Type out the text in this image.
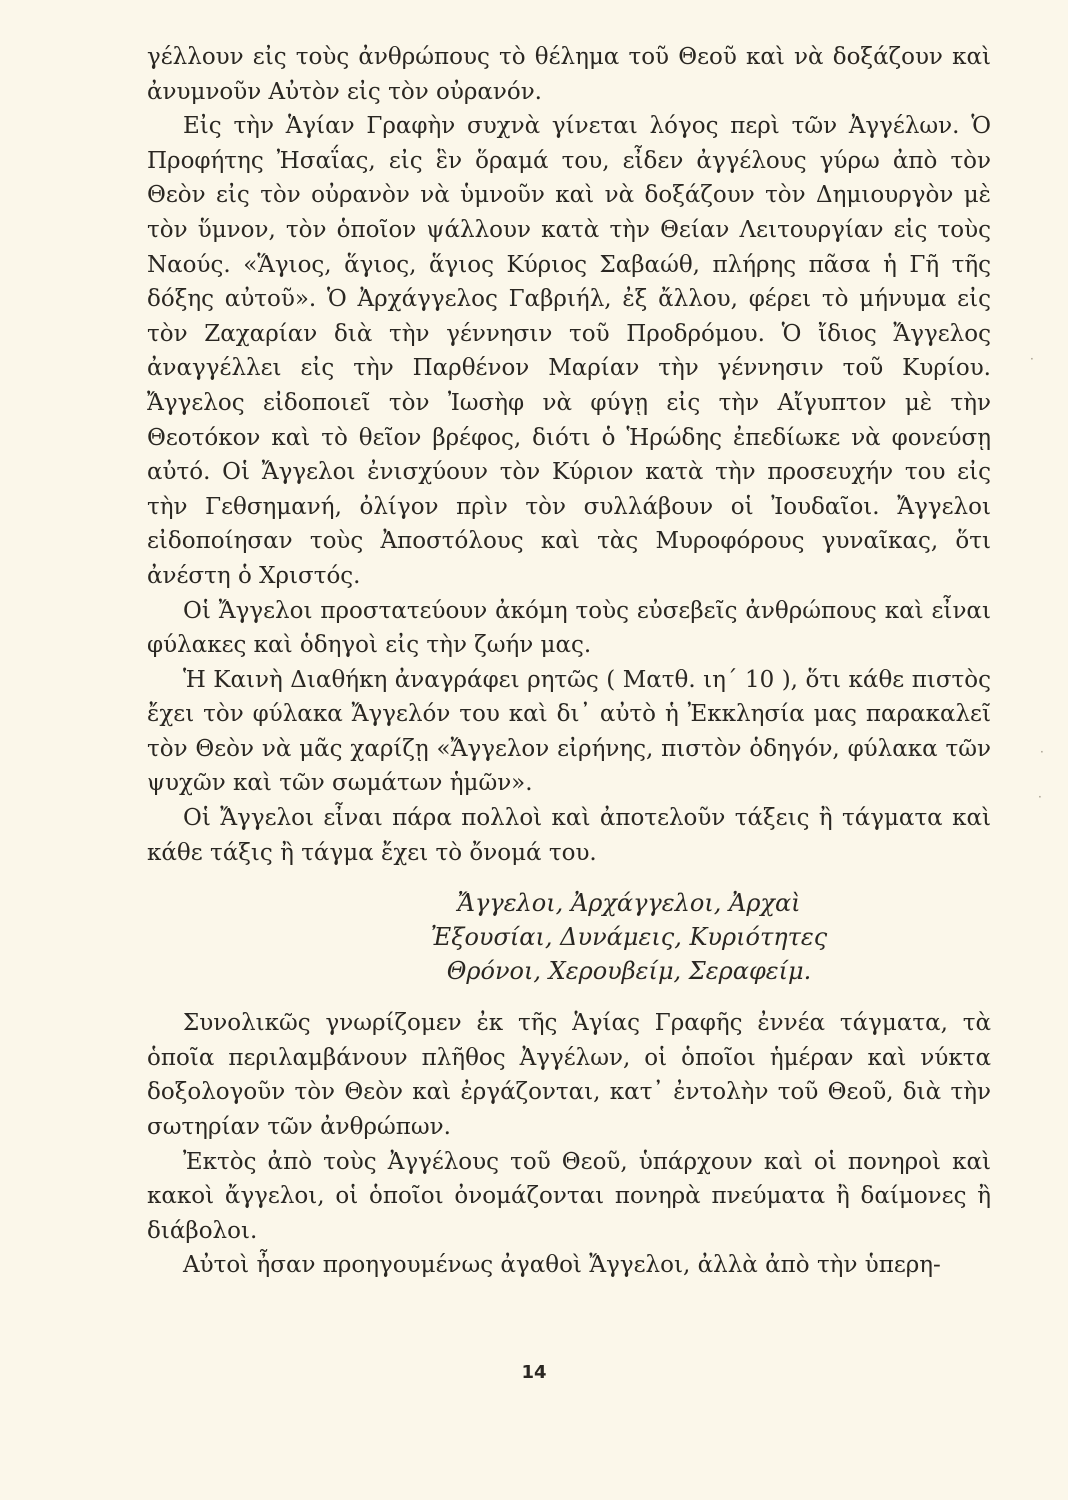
γέλλουν εἰς τοὺς ἀνθρώπους τὸ θέλημα τοῦ Θεοῦ καὶ νὰ δοξάζουν καὶ ἀνυμνοῦν Αὐτὸν εἰς τὸν οὐρανόν.

Εἰς τὴν Ἁγίαν Γραφὴν συχνὰ γίνεται λόγος περὶ τῶν Ἀγγέλων. Ὁ Προφήτης Ἠσαΐας, εἰς ἓν ὅραμά του, εἶδεν ἀγγέλους γύρω ἀπὸ τὸν Θεὸν εἰς τὸν οὐρανὸν νὰ ὑμνοῦν καὶ νὰ δοξάζουν τὸν Δημιουργὸν μὲ τὸν ὕμνον, τὸν ὁποῖον ψάλλουν κατὰ τὴν Θείαν Λειτουργίαν εἰς τοὺς Ναούς. «Ἅγιος, ἅγιος, ἅγιος Κύριος Σαβαώθ, πλήρης πᾶσα ἡ Γῆ τῆς δόξης αὐτοῦ». Ὁ Ἀρχάγγελος Γαβριήλ, ἐξ ἄλλου, φέρει τὸ μήνυμα εἰς τὸν Ζαχαρίαν διὰ τὴν γέννησιν τοῦ Προδρόμου. Ὁ ἴδιος Ἄγγελος ἀναγγέλλει εἰς τὴν Παρθένον Μαρίαν τὴν γέννησιν τοῦ Κυρίου. Ἄγγελος εἰδοποιεῖ τὸν Ἰωσὴφ νὰ φύγῃ εἰς τὴν Αἴγυπτον μὲ τὴν Θεοτόκον καὶ τὸ θεῖον βρέφος, διότι ὁ Ἡρώδης ἐπεδίωκε νὰ φονεύσῃ αὐτό. Οἱ Ἄγγελοι ἐνισχύουν τὸν Κύριον κατὰ τὴν προσευχήν του εἰς τὴν Γεθσημανή, ὀλίγον πρὶν τὸν συλλάβουν οἱ Ἰουδαῖοι. Ἄγγελοι εἰδοποίησαν τοὺς Ἀποστόλους καὶ τὰς Μυροφόρους γυναῖκας, ὅτι ἀνέστη ὁ Χριστός.

Οἱ Ἄγγελοι προστατεύουν ἀκόμη τοὺς εὐσεβεῖς ἀνθρώπους καὶ εἶναι φύλακες καὶ ὁδηγοὶ εἰς τὴν ζωήν μας.

Ἡ Καινὴ Διαθήκη ἀναγράφει ρητῶς ( Ματθ. ιη΄ 10 ), ὅτι κάθε πιστὸς ἔχει τὸν φύλακα Ἄγγελόν του καὶ δι᾽ αὐτὸ ἡ Ἐκκλησία μας παρακαλεῖ τὸν Θεὸν νὰ μᾶς χαρίζῃ «Ἄγγελον εἰρήνης, πιστὸν ὁδηγόν, φύλακα τῶν ψυχῶν καὶ τῶν σωμάτων ἡμῶν».

Οἱ Ἄγγελοι εἶναι πάρα πολλοὶ καὶ ἀποτελοῦν τάξεις ἢ τάγματα καὶ κάθε τάξις ἢ τάγμα ἔχει τὸ ὄνομά του.

Ἄγγελοι, Ἀρχάγγελοι, Ἀρχαὶ
Ἐξουσίαι, Δυνάμεις, Κυριότητες
Θρόνοι, Χερουβείμ, Σεραφείμ.

Συνολικῶς γνωρίζομεν ἐκ τῆς Ἁγίας Γραφῆς ἐννέα τάγματα, τὰ ὁποῖα περιλαμβάνουν πλῆθος Ἀγγέλων, οἱ ὁποῖοι ἡμέραν καὶ νύκτα δοξολογοῦν τὸν Θεὸν καὶ ἐργάζονται, κατ᾽ ἐντολὴν τοῦ Θεοῦ, διὰ τὴν σωτηρίαν τῶν ἀνθρώπων.

Ἐκτὸς ἀπὸ τοὺς Ἀγγέλους τοῦ Θεοῦ, ὑπάρχουν καὶ οἱ πονηροὶ καὶ κακοὶ ἄγγελοι, οἱ ὁποῖοι ὀνομάζονται πονηρὰ πνεύματα ἢ δαίμονες ἢ διάβολοι.

Αὐτοὶ ἦσαν προηγουμένως ἀγαθοὶ Ἄγγελοι, ἀλλὰ ἀπὸ τὴν ὑπερη-

14
·
·
·
